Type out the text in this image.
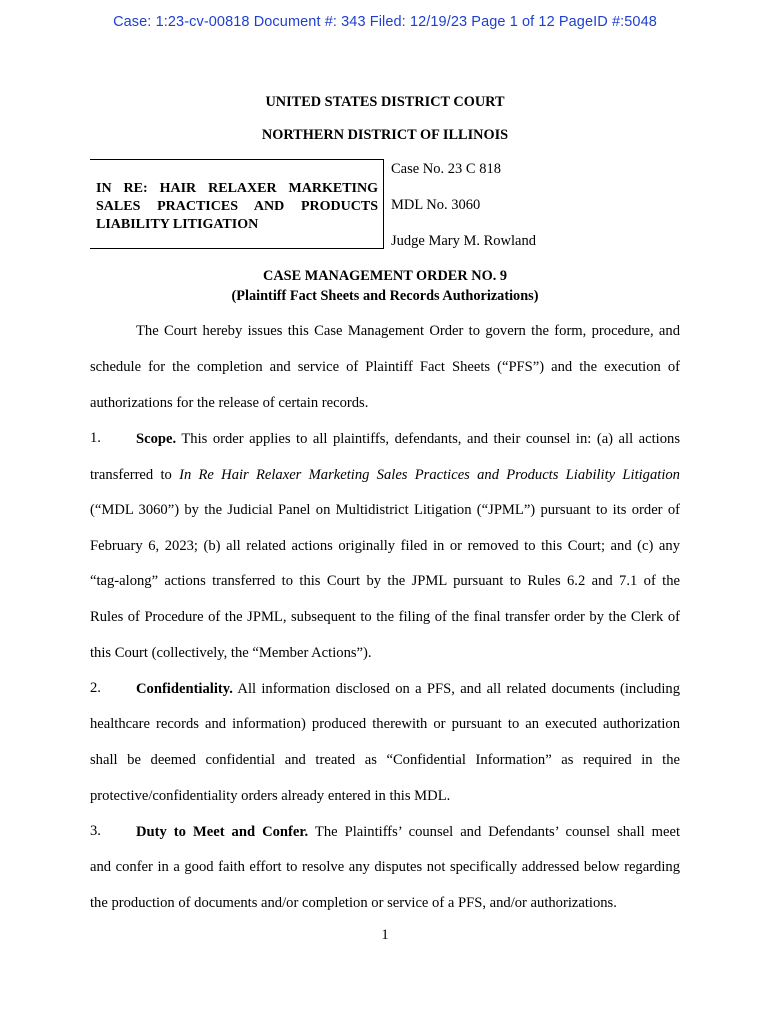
Case: 1:23-cv-00818 Document #: 343 Filed: 12/19/23 Page 1 of 12 PageID #:5048
UNITED STATES DISTRICT COURT
NORTHERN DISTRICT OF ILLINOIS
IN RE: HAIR RELAXER MARKETING
SALES PRACTICES AND PRODUCTS
LIABILITY LITIGATION
Case No. 23 C 818
MDL No. 3060
Judge Mary M. Rowland
CASE MANAGEMENT ORDER NO. 9
(Plaintiff Fact Sheets and Records Authorizations)
The Court hereby issues this Case Management Order to govern the form, procedure, and
schedule for the completion and service of Plaintiff Fact Sheets (“PFS”) and the execution of
authorizations for the release of certain records.
1. Scope. This order applies to all plaintiffs, defendants, and their counsel in: (a) all actions
transferred to In Re Hair Relaxer Marketing Sales Practices and Products Liability Litigation
(“MDL 3060”) by the Judicial Panel on Multidistrict Litigation (“JPML”) pursuant to its order of
February 6, 2023; (b) all related actions originally filed in or removed to this Court; and (c) any
“tag-along” actions transferred to this Court by the JPML pursuant to Rules 6.2 and 7.1 of the
Rules of Procedure of the JPML, subsequent to the filing of the final transfer order by the Clerk of
this Court (collectively, the “Member Actions”).
2. Confidentiality. All information disclosed on a PFS, and all related documents (including
healthcare records and information) produced therewith or pursuant to an executed authorization
shall be deemed confidential and treated as “Confidential Information” as required in the
protective/confidentiality orders already entered in this MDL.
3. Duty to Meet and Confer. The Plaintiffs’ counsel and Defendants’ counsel shall meet
and confer in a good faith effort to resolve any disputes not specifically addressed below regarding
the production of documents and/or completion or service of a PFS, and/or authorizations.
1
